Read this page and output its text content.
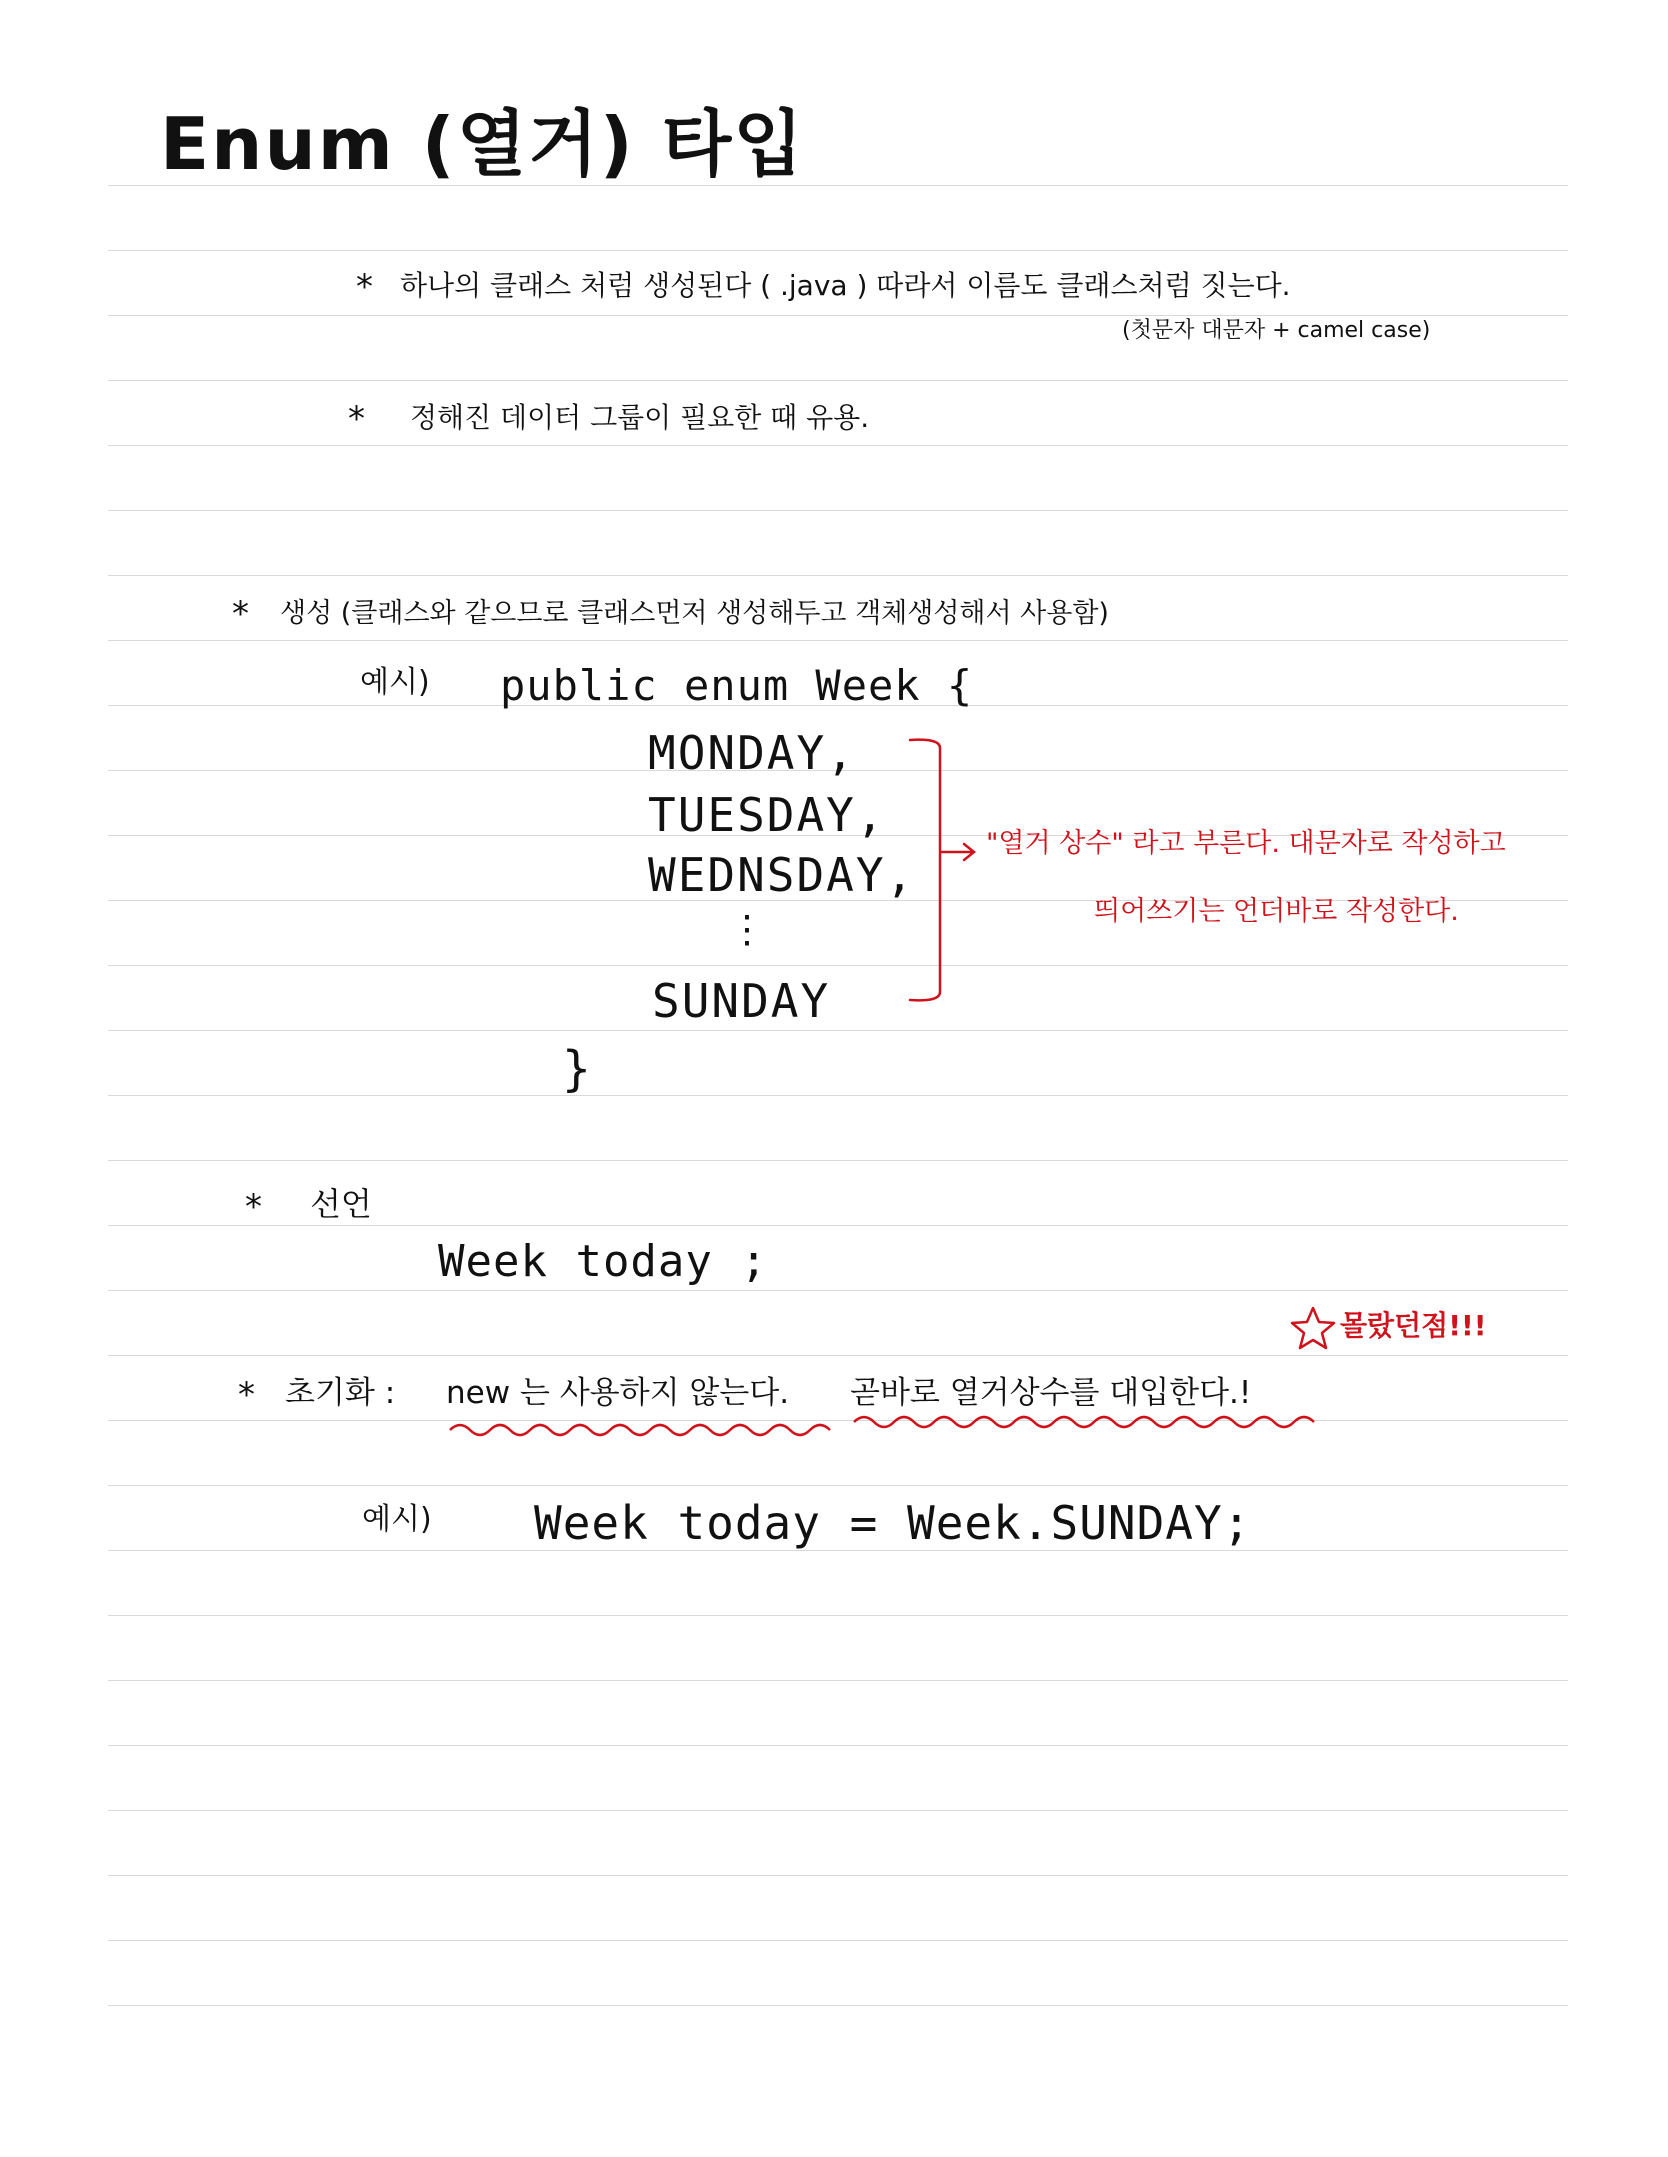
Enum (열거) 타입
* 하나의 클래스 처럼 생성된다 ( .java ) 따라서 이름도 클래스처럼 짓는다.
(첫문자 대문자 + camel case)
* 정해진 데이터 그룹이 필요한 때 유용.
* 생성 (클래스와 같으므로 클래스먼저 생성해두고 객체생성해서 사용함)
예시) public enum Week {
MONDAY,
TUESDAY,
WEDNSDAY,
⋮
SUNDAY
}
"열거 상수" 라고 부른다. 대문자로 작성하고
띄어쓰기는 언더바로 작성한다.
* 선언
Week today ;
몰랐던점!!!
* 초기화 : new 는 사용하지 않는다. 곧바로 열거상수를 대입한다.!
예시) Week today = Week.SUNDAY;
